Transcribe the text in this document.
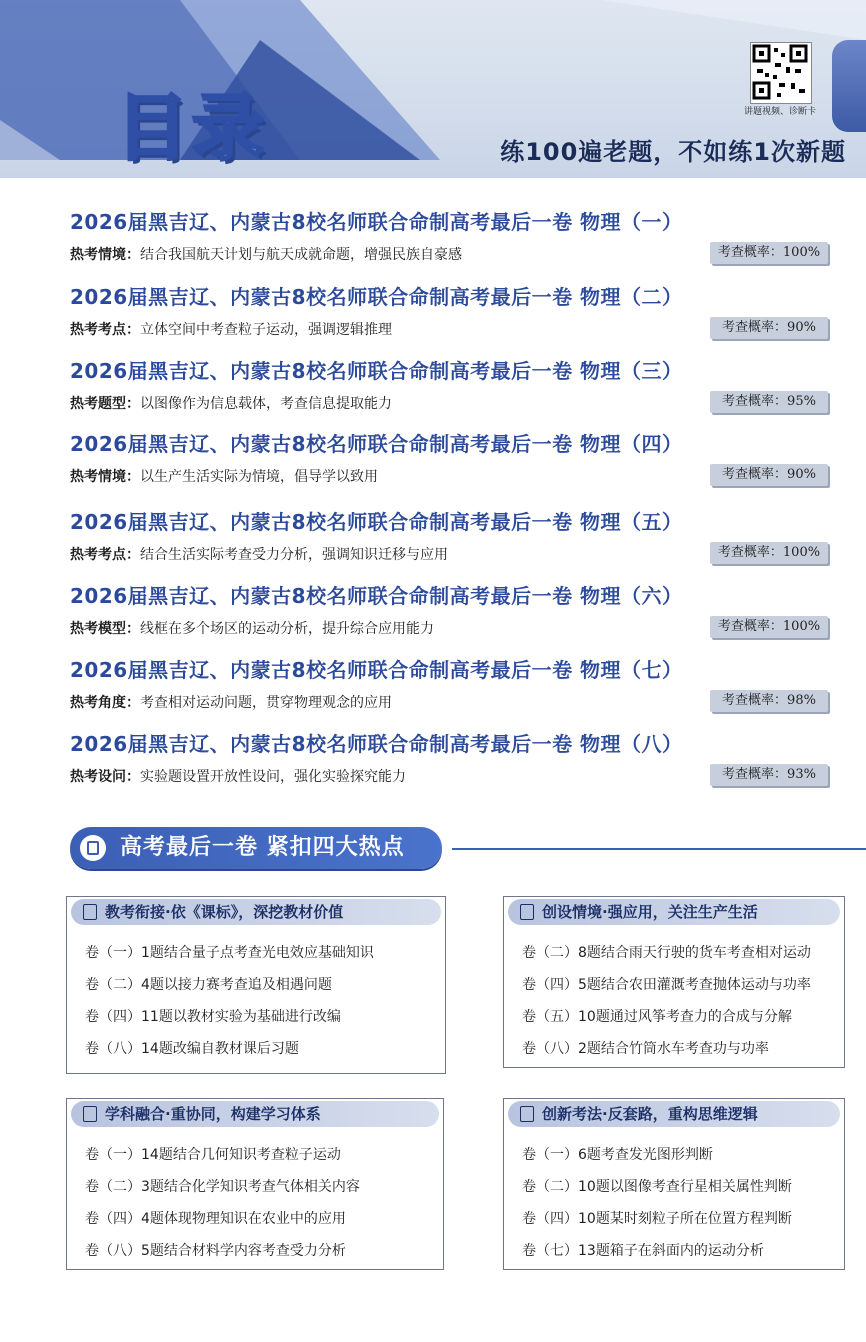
目录	讲题视频、诊断卡
练100遍老题，不如练1次新题
2026届黑吉辽、内蒙古8校名师联合命制高考最后一卷 物理（一）
热考情境：结合我国航天计划与航天成就命题，增强民族自豪感	考查概率：100%
2026届黑吉辽、内蒙古8校名师联合命制高考最后一卷 物理（二）
热考考点：立体空间中考查粒子运动，强调逻辑推理	考查概率：90%
2026届黑吉辽、内蒙古8校名师联合命制高考最后一卷 物理（三）
热考题型：以图像作为信息载体，考查信息提取能力	考查概率：95%
2026届黑吉辽、内蒙古8校名师联合命制高考最后一卷 物理（四）
热考情境：以生产生活实际为情境，倡导学以致用	考查概率：90%
2026届黑吉辽、内蒙古8校名师联合命制高考最后一卷 物理（五）
热考考点：结合生活实际考查受力分析，强调知识迁移与应用	考查概率：100%
2026届黑吉辽、内蒙古8校名师联合命制高考最后一卷 物理（六）
热考模型：线框在多个场区的运动分析，提升综合应用能力	考查概率：100%
2026届黑吉辽、内蒙古8校名师联合命制高考最后一卷 物理（七）
热考角度：考查相对运动问题，贯穿物理观念的应用	考查概率：98%
2026届黑吉辽、内蒙古8校名师联合命制高考最后一卷 物理（八）
热考设问：实验题设置开放性设问，强化实验探究能力	考查概率：93%
高考最后一卷 紧扣四大热点
教考衔接·依《课标》，深挖教材价值
卷（一）1题结合量子点考查光电效应基础知识
卷（二）4题以接力赛考查追及相遇问题
卷（四）11题以教材实验为基础进行改编
卷（八）14题改编自教材课后习题
创设情境·强应用，关注生产生活
卷（二）8题结合雨天行驶的货车考查相对运动
卷（四）5题结合农田灌溉考查抛体运动与功率
卷（五）10题通过风筝考查力的合成与分解
卷（八）2题结合竹筒水车考查功与功率
学科融合·重协同，构建学习体系
卷（一）14题结合几何知识考查粒子运动
卷（二）3题结合化学知识考查气体相关内容
卷（四）4题体现物理知识在农业中的应用
卷（八）5题结合材料学内容考查受力分析
创新考法·反套路，重构思维逻辑
卷（一）6题考查发光图形判断
卷（二）10题以图像考查行星相关属性判断
卷（四）10题某时刻粒子所在位置方程判断
卷（七）13题箱子在斜面内的运动分析
